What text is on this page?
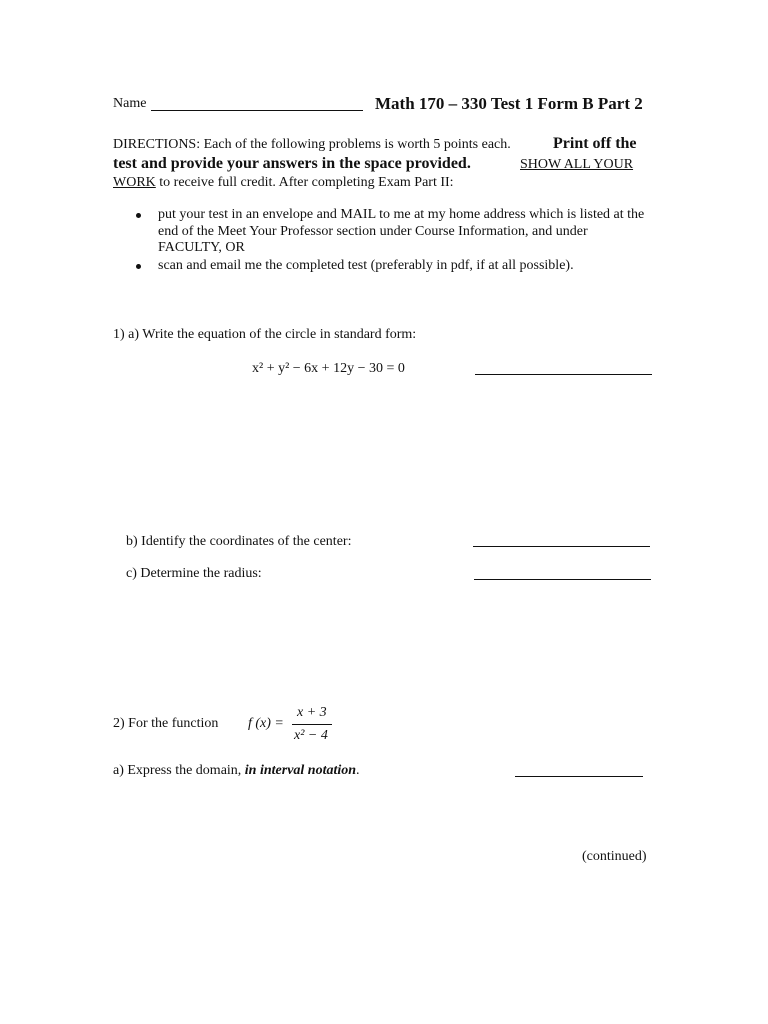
Name	Math 170 – 330 Test 1 Form B Part 2
DIRECTIONS: Each of the following problems is worth 5 points each.	Print off the
test and provide your answers in the space provided.	SHOW ALL YOUR
WORK to receive full credit. After completing Exam Part II:
put your test in an envelope and MAIL to me at my home address which is listed at the
end of the Meet Your Professor section under Course Information, and under
FACULTY, OR
scan and email me the completed test (preferably in pdf, if at all possible).
1) a) Write the equation of the circle in standard form:
x² + y² − 6x + 12y − 30 = 0
b) Identify the coordinates of the center:
c) Determine the radius:
2) For the function f (x) =
x + 3
x² − 4
a) Express the domain, in interval notation.
(continued)
